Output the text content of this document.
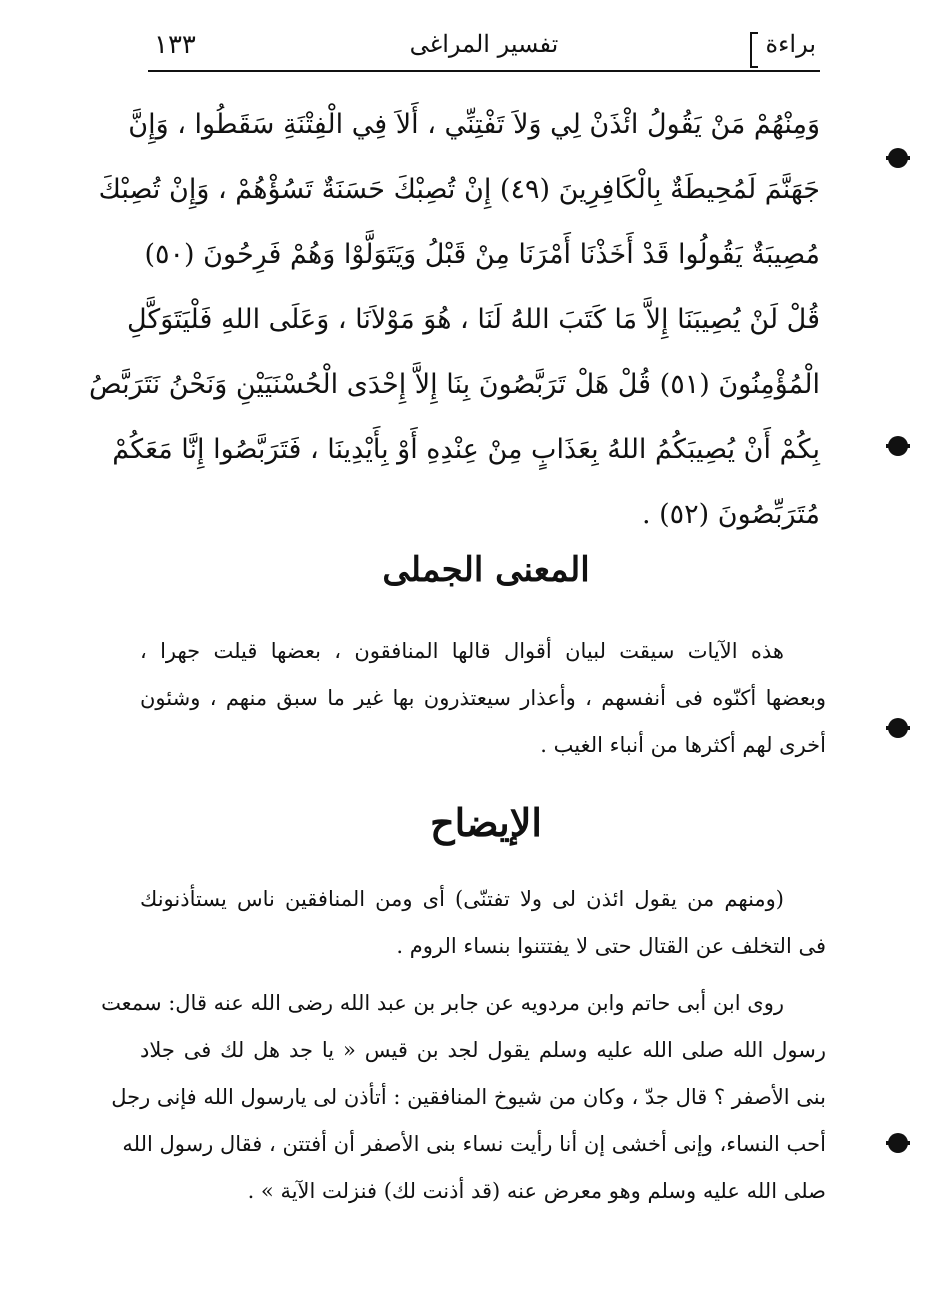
براءة
تفسير المراغى
١٣٣
وَمِنْهُمْ مَنْ يَقُولُ ائْذَنْ لِي وَلاَ تَفْتِنِّي ، أَلاَ فِي الْفِتْنَةِ سَقَطُوا ، وَإِنَّ
جَهَنَّمَ لَمُحِيطَةٌ بِالْكَافِرِينَ (٤٩) إِنْ تُصِبْكَ حَسَنَةٌ تَسُؤْهُمْ ، وَإِنْ تُصِبْكَ
مُصِيبَةٌ يَقُولُوا قَدْ أَخَذْنَا أَمْرَنَا مِنْ قَبْلُ وَيَتَوَلَّوْا وَهُمْ فَرِحُونَ (٥٠)
قُلْ لَنْ يُصِيبَنَا إِلاَّ مَا كَتَبَ اللهُ لَنَا ، هُوَ مَوْلاَنَا ، وَعَلَى اللهِ فَلْيَتَوَكَّلِ
الْمُؤْمِنُونَ (٥١) قُلْ هَلْ تَرَبَّصُونَ بِنَا إِلاَّ إِحْدَى الْحُسْنَيَيْنِ وَنَحْنُ نَتَرَبَّصُ
بِكُمْ أَنْ يُصِيبَكُمُ اللهُ بِعَذَابٍ مِنْ عِنْدِهِ أَوْ بِأَيْدِينَا ، فَتَرَبَّصُوا إِنَّا مَعَكُمْ
مُتَرَبِّصُونَ (٥٢) .
المعنى الجملى
هذه الآيات سيقت لبيان أقوال قالها المنافقون ، بعضها قيلت جهرا ،
وبعضها أكنّوه فى أنفسهم ، وأعذار سيعتذرون بها غير ما سبق منهم ، وشئون
أخرى لهم أكثرها من أنباء الغيب .
الإيضاح
(ومنهم من يقول ائذن لى ولا تفتنّى) أى ومن المنافقين ناس يستأذنونك
فى التخلف عن القتال حتى لا يفتتنوا بنساء الروم .
روى ابن أبى حاتم وابن مردويه عن جابر بن عبد الله رضى الله عنه قال: سمعت
رسول الله صلى الله عليه وسلم يقول لجد بن قيس « يا جد هل لك فى جلاد
بنى الأصفر ؟ قال جدّ ، وكان من شيوخ المنافقين : أتأذن لى يارسول الله فإنى رجل
أحب النساء، وإنى أخشى إن أنا رأيت نساء بنى الأصفر أن أفتتن ، فقال رسول الله
صلى الله عليه وسلم وهو معرض عنه (قد أذنت لك) فنزلت الآية » .
